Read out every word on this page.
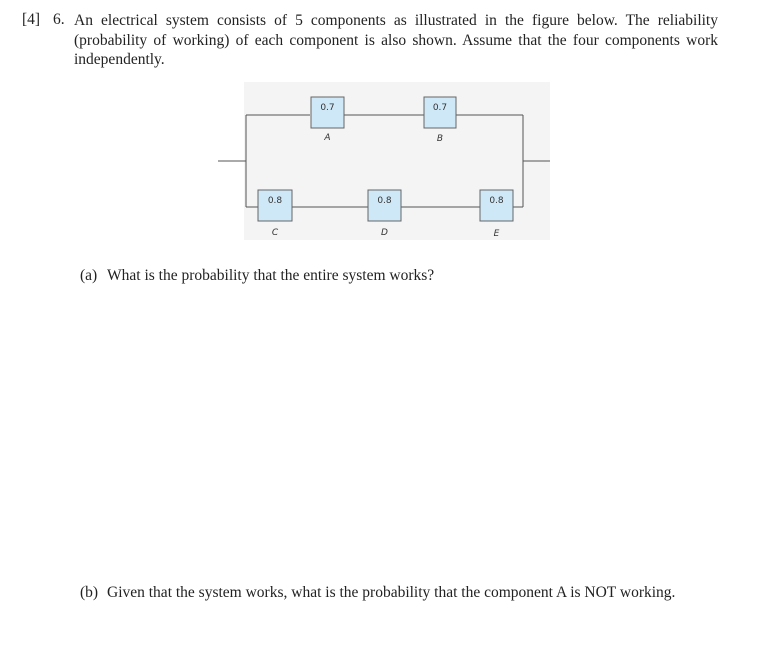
[4] 6. An electrical system consists of 5 components as illustrated in the figure below. The reliability (probability of working) of each component is also shown. Assume that the four components work independently.
0.7
A
0.7
B
0.8
C
0.8
D
0.8
E
(a) What is the probability that the entire system works?
(b) Given that the system works, what is the probability that the component A is NOT working.
